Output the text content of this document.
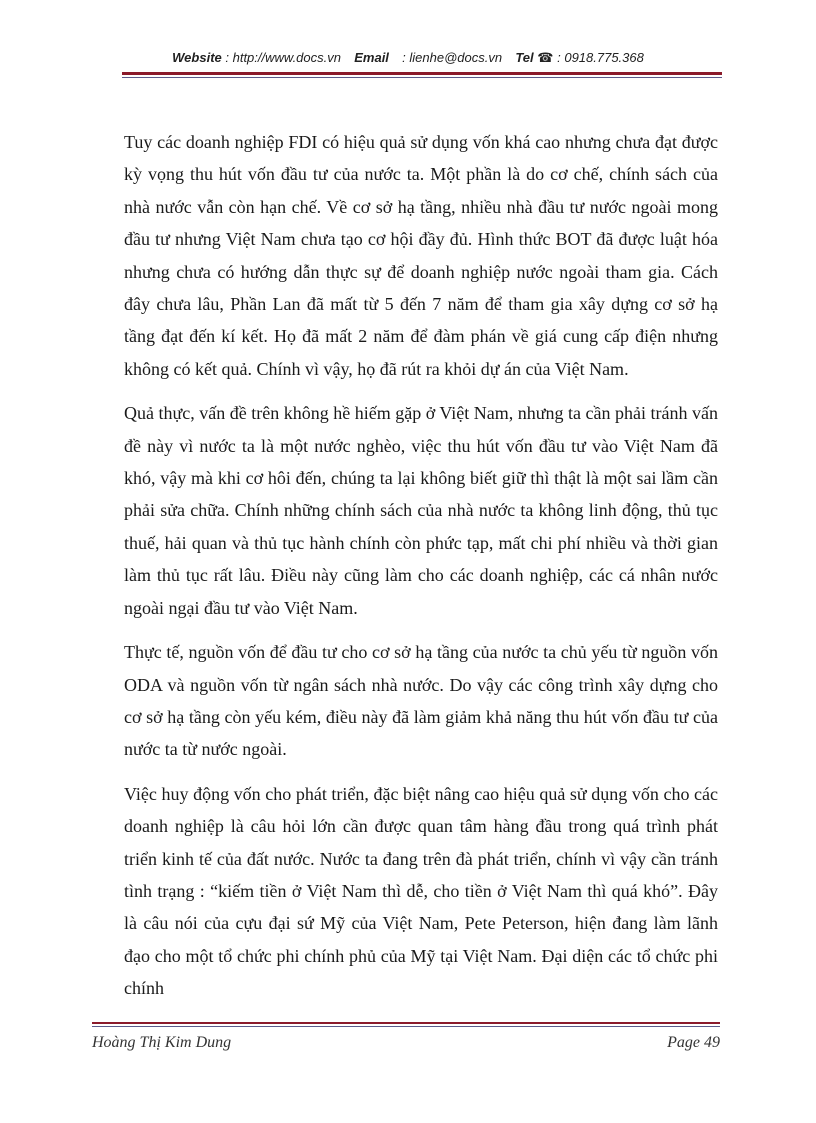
Website : http://www.docs.vn Email : lienhe@docs.vn Tel ☎ : 0918.775.368

Tuy các doanh nghiệp FDI có hiệu quả sử dụng vốn khá cao nhưng chưa đạt được kỳ vọng thu hút vốn đầu tư của nước ta. Một phần là do cơ chế, chính sách của nhà nước vẫn còn hạn chế. Về cơ sở hạ tầng, nhiều nhà đầu tư nước ngoài mong đầu tư nhưng Việt Nam chưa tạo cơ hội đầy đủ. Hình thức BOT đã được luật hóa nhưng chưa có hướng dẫn thực sự để doanh nghiệp nước ngoài tham gia. Cách đây chưa lâu, Phần Lan đã mất từ 5 đến 7 năm để tham gia xây dựng cơ sở hạ tầng đạt đến kí kết. Họ đã mất 2 năm để đàm phán về giá cung cấp điện nhưng không có kết quả. Chính vì vậy, họ đã rút ra khỏi dự án của Việt Nam.

Quả thực, vấn đề trên không hề hiếm gặp ở Việt Nam, nhưng ta cần phải tránh vấn đề này vì nước ta là một nước nghèo, việc thu hút vốn đầu tư vào Việt Nam đã khó, vậy mà khi cơ hôi đến, chúng ta lại không biết giữ thì thật là một sai lầm cần phải sửa chữa. Chính những chính sách của nhà nước ta không linh động, thủ tục thuế, hải quan và thủ tục hành chính còn phức tạp, mất chi phí nhiều và thời gian làm thủ tục rất lâu. Điều này cũng làm cho các doanh nghiệp, các cá nhân nước ngoài ngại đầu tư vào Việt Nam.

Thực tế, nguồn vốn để đầu tư cho cơ sở hạ tầng của nước ta chủ yếu từ nguồn vốn ODA và nguồn vốn từ ngân sách nhà nước. Do vậy các công trình xây dựng cho cơ sở hạ tầng còn yếu kém, điều này đã làm giảm khả năng thu hút vốn đầu tư của nước ta từ nước ngoài.

Việc huy động vốn cho phát triển, đặc biệt nâng cao hiệu quả sử dụng vốn cho các doanh nghiệp là câu hỏi lớn cần được quan tâm hàng đầu trong quá trình phát triển kinh tế của đất nước. Nước ta đang trên đà phát triển, chính vì vậy cần tránh tình trạng : “kiếm tiền ở Việt Nam thì dễ, cho tiền ở Việt Nam thì quá khó”. Đây là câu nói của cựu đại sứ Mỹ của Việt Nam, Pete Peterson, hiện đang làm lãnh đạo cho một tổ chức phi chính phủ của Mỹ tại Việt Nam. Đại diện các tổ chức phi chính

Hoàng Thị Kim Dung	Page 49
